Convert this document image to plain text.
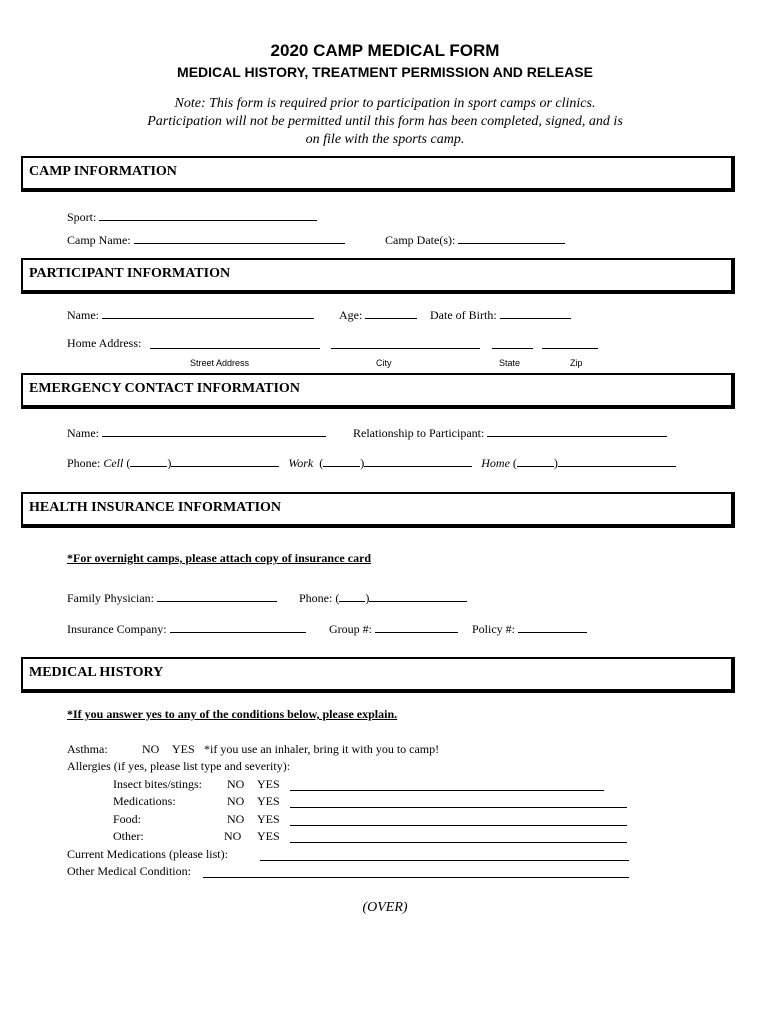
2020 CAMP MEDICAL FORM
MEDICAL HISTORY, TREATMENT PERMISSION AND RELEASE
Note: This form is required prior to participation in sport camps or clinics.
Participation will not be permitted until this form has been completed, signed, and is
on file with the sports camp.
CAMP INFORMATION
Sport:
Camp Name:	Camp Date(s):
PARTICIPANT INFORMATION
Name:	Age:	Date of Birth:
Home Address:
Street Address	City	State	Zip
EMERGENCY CONTACT INFORMATION
Name:	Relationship to Participant:
Phone: Cell (	)	Work  (	)	Home (	)
HEALTH INSURANCE INFORMATION
*For overnight camps, please attach copy of insurance card
Family Physician:	Phone: ( )
Insurance Company:	Group #:	Policy #:
MEDICAL HISTORY
*If you answer yes to any of the conditions below, please explain.
Asthma:	NO YES *if you use an inhaler, bring it with you to camp!
Allergies (if yes, please list type and severity):
Insect bites/stings: NO YES
Medications:	NO YES
Food:	NO YES
Other:	NO YES
Current Medications (please list):
Other Medical Condition:
(OVER)
